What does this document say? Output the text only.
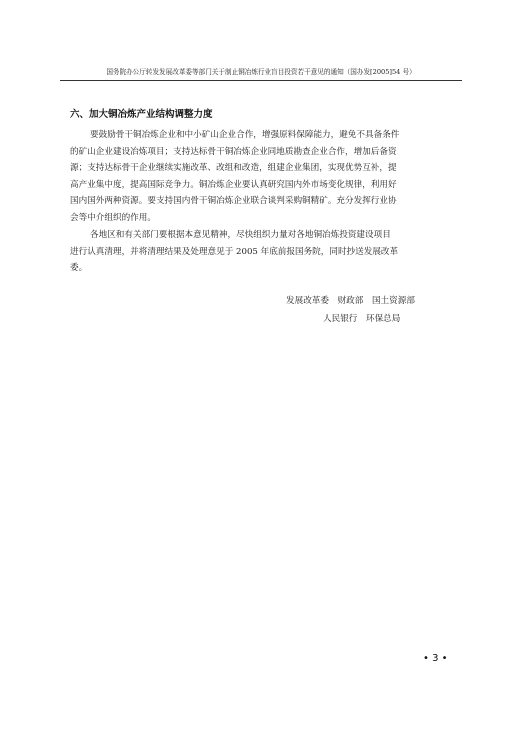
国务院办公厅转发发展改革委等部门关于制止铜冶炼行业盲目投资若干意见的通知（国办发[2005]54 号）
六、加大铜冶炼产业结构调整力度

要鼓励骨干铜冶炼企业和中小矿山企业合作，增强原料保障能力，避免不具备条件
的矿山企业建设冶炼项目；支持达标骨干铜冶炼企业同地质勘查企业合作，增加后备资
源；支持达标骨干企业继续实施改革、改组和改造，组建企业集团，实现优势互补，提
高产业集中度，提高国际竞争力。铜冶炼企业要认真研究国内外市场变化规律，利用好
国内国外两种资源。要支持国内骨干铜冶炼企业联合谈判采购铜精矿。充分发挥行业协
会等中介组织的作用。

各地区和有关部门要根据本意见精神，尽快组织力量对各地铜冶炼投资建设项目
进行认真清理，并将清理结果及处理意见于 2005 年底前报国务院，同时抄送发展改革
委。

发展改革委　财政部　国土资源部
人民银行　环保总局
• 3 •
